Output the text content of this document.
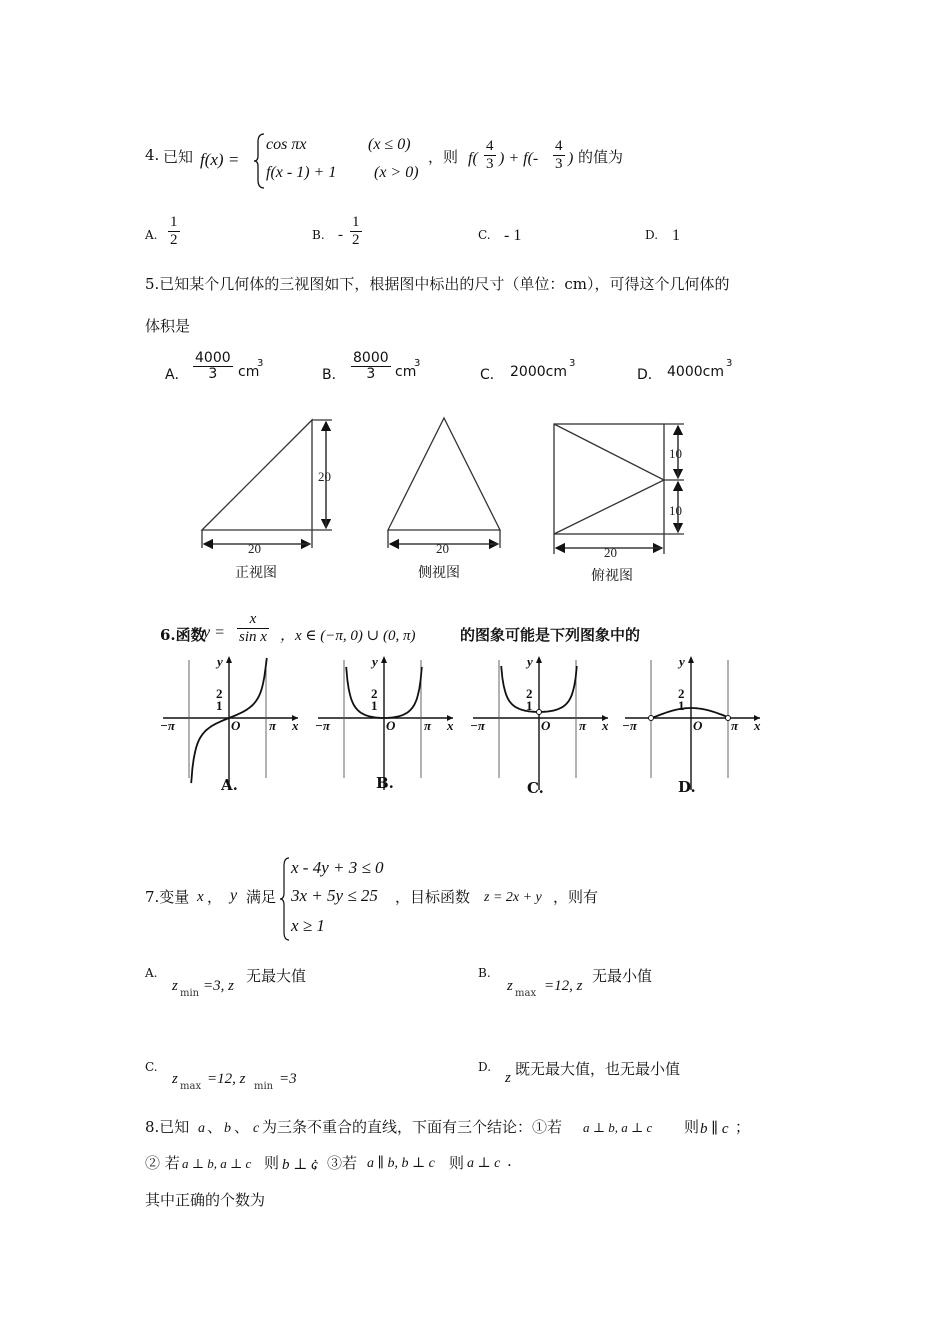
4. 已知 f(x) =
cos πx	(x ≤ 0)
f(x - 1) + 1 (x > 0)
，则 $f( \frac{4}{3}$ ) + $f(- \frac{4}{3}$ ) 的值为
A. $\frac{1}{2}$	B. - $\frac{1}{2}$	C. - 1	D. 1
5.已知某个几何体的三视图如下，根据图中标出的尺寸（单位：cm），可得这个几何体的
体积是
A． $\frac{4000}{3}$ cm
3
B． $\frac{8000}{3}$ cm
3
C． 2000cm
3
D． 4000cm
3
20
20	20
10
10
20
正视图	侧视图	俯视图
6.函数
$y = \frac{x}{\text{sin x}}$ ，x ∈ (−π, 0) ∪ (0, π)	的图象可能是下列图象中的
−π	π
O	x
y
2
1
−π	π
O	x
y
2
1
−π	π
O	x
y
2
1
−π	π
O	x
y
2
1
A.	B.	C.	D.
7.变量 x ， y 满足
x - 4y + 3 ≤ 0
3x + 5y ≤ 25
x ≥ 1
，目标函数 z = 2x + y ，则有
A.
z min =3, z
无最大值	B.
z max =12, z
无最小值
C.
z max =12, z min =3
D.
z 既无最大值，也无最小值
8.已知 a 、 b 、 c 为三条不重合的直线，下面有三个结论：①若 a ⊥ b, a ⊥ c 则 b ∥ c ；
② 若 a ⊥ b, a ⊥ c 则 b ⊥ c
；③若 a ∥ b, b ⊥ c 则 a ⊥ c .
其中正确的个数为
